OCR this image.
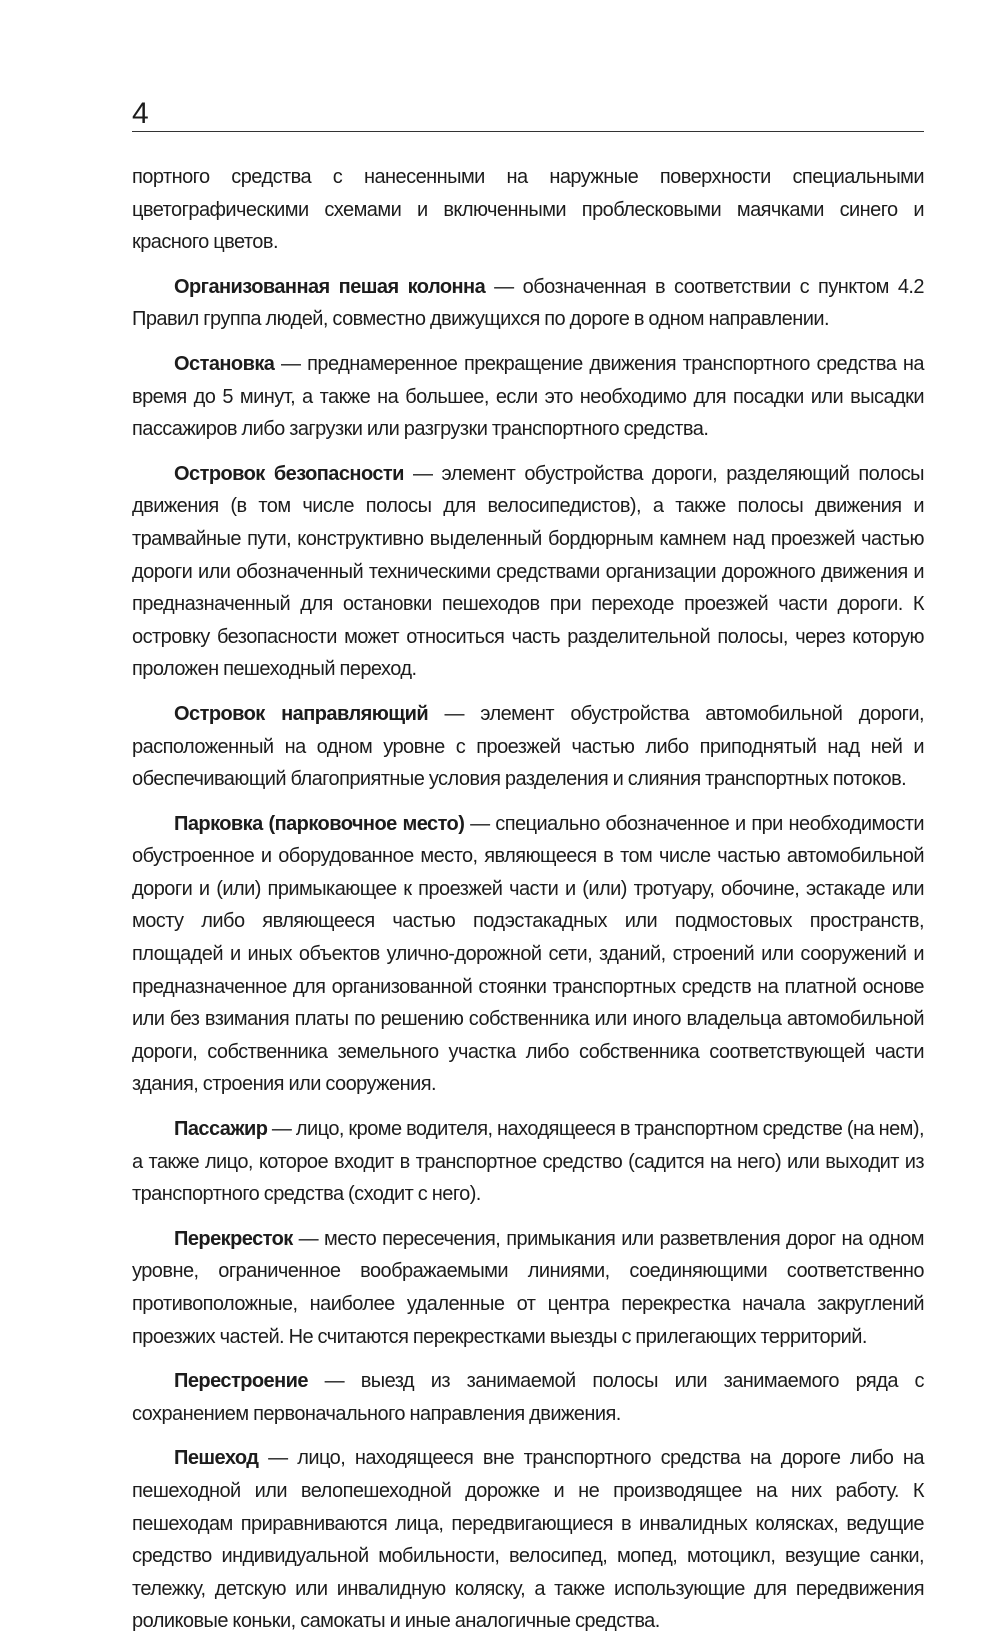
4

портного средства с нанесенными на наружные поверхности специальными цветографическими схемами и включенными проблесковыми маячками синего и красного цветов.

Организованная пешая колонна — обозначенная в соответствии с пунктом 4.2 Правил группа людей, совместно движущихся по дороге в одном направлении.

Остановка — преднамеренное прекращение движения транспортного средства на время до 5 минут, а также на большее, если это необходимо для посадки или высадки пассажиров либо загрузки или разгрузки транспортного средства.

Островок безопасности — элемент обустройства дороги, разделяющий полосы движения (в том числе полосы для велосипедистов), а также полосы движения и трамвайные пути, конструктивно выделенный бордюрным камнем над проезжей частью дороги или обозначенный техническими средствами организации дорожного движения и предназначенный для остановки пешеходов при переходе проезжей части дороги. К островку безопасности может относиться часть разделительной полосы, через которую проложен пешеходный переход.

Островок направляющий — элемент обустройства автомобильной дороги, расположенный на одном уровне с проезжей частью либо приподнятый над ней и обеспечивающий благоприятные условия разделения и слияния транспортных потоков.

Парковка (парковочное место) — специально обозначенное и при необходимости обустроенное и оборудованное место, являющееся в том числе частью автомобильной дороги и (или) примыкающее к проезжей части и (или) тротуару, обочине, эстакаде или мосту либо являющееся частью подэстакадных или подмостовых пространств, площадей и иных объектов улично-дорожной сети, зданий, строений или сооружений и предназначенное для организованной стоянки транспортных средств на платной основе или без взимания платы по решению собственника или иного владельца автомобильной дороги, собственника земельного участка либо собственника соответствующей части здания, строения или сооружения.

Пассажир — лицо, кроме водителя, находящееся в транспортном средстве (на нем), а также лицо, которое входит в транспортное средство (садится на него) или выходит из транспортного средства (сходит с него).

Перекресток — место пересечения, примыкания или разветвления дорог на одном уровне, ограниченное воображаемыми линиями, соединяющими соответственно противоположные, наиболее удаленные от центра перекрестка начала закруглений проезжих частей. Не считаются перекрестками выезды с прилегающих территорий.

Перестроение — выезд из занимаемой полосы или занимаемого ряда с сохранением первоначального направления движения.

Пешеход — лицо, находящееся вне транспортного средства на дороге либо на пешеходной или велопешеходной дорожке и не производящее на них работу. К пешеходам приравниваются лица, передвигающиеся в инвалидных колясках, ведущие средство индивидуальной мобильности, велосипед, мопед, мотоцикл, везущие санки, тележку, детскую или инвалидную коляску, а также использующие для передвижения роликовые коньки, самокаты и иные аналогичные средства.
